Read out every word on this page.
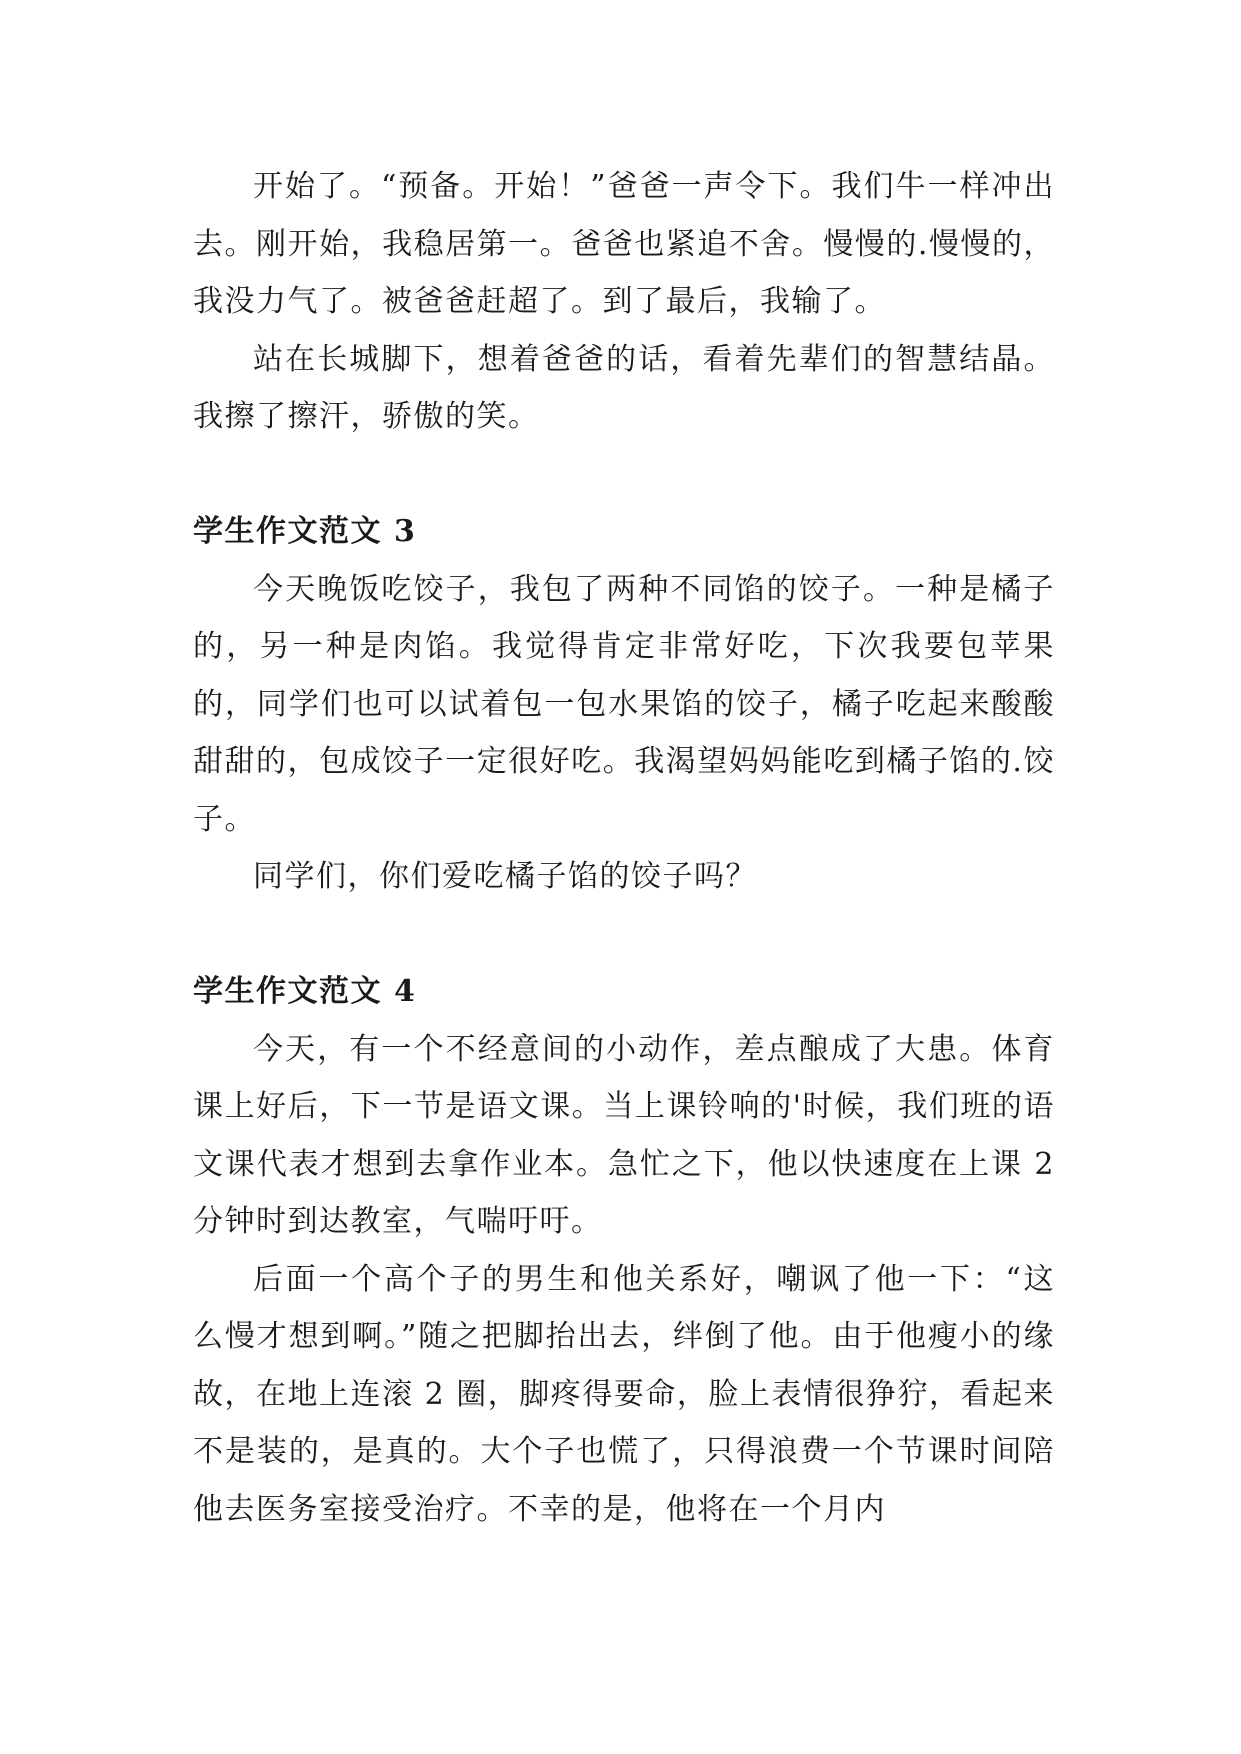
开始了。“预备。开始！”爸爸一声令下。我们牛一样冲出去。刚开始，我稳居第一。爸爸也紧追不舍。慢慢的.慢慢的，我没力气了。被爸爸赶超了。到了最后，我输了。

站在长城脚下，想着爸爸的话，看着先辈们的智慧结晶。我擦了擦汗，骄傲的笑。

学生作文范文 3

今天晚饭吃饺子，我包了两种不同馅的饺子。一种是橘子的，另一种是肉馅。我觉得肯定非常好吃，下次我要包苹果的，同学们也可以试着包一包水果馅的饺子，橘子吃起来酸酸甜甜的，包成饺子一定很好吃。我渴望妈妈能吃到橘子馅的.饺子。

同学们，你们爱吃橘子馅的饺子吗？

学生作文范文 4

今天，有一个不经意间的小动作，差点酿成了大患。体育课上好后，下一节是语文课。当上课铃响的'时候，我们班的语文课代表才想到去拿作业本。急忙之下，他以快速度在上课 2 分钟时到达教室，气喘吁吁。

后面一个高个子的男生和他关系好，嘲讽了他一下：“这么慢才想到啊。”随之把脚抬出去，绊倒了他。由于他瘦小的缘故，在地上连滚 2 圈，脚疼得要命，脸上表情很狰狞，看起来不是装的，是真的。大个子也慌了，只得浪费一个节课时间陪他去医务室接受治疗。不幸的是，他将在一个月内
